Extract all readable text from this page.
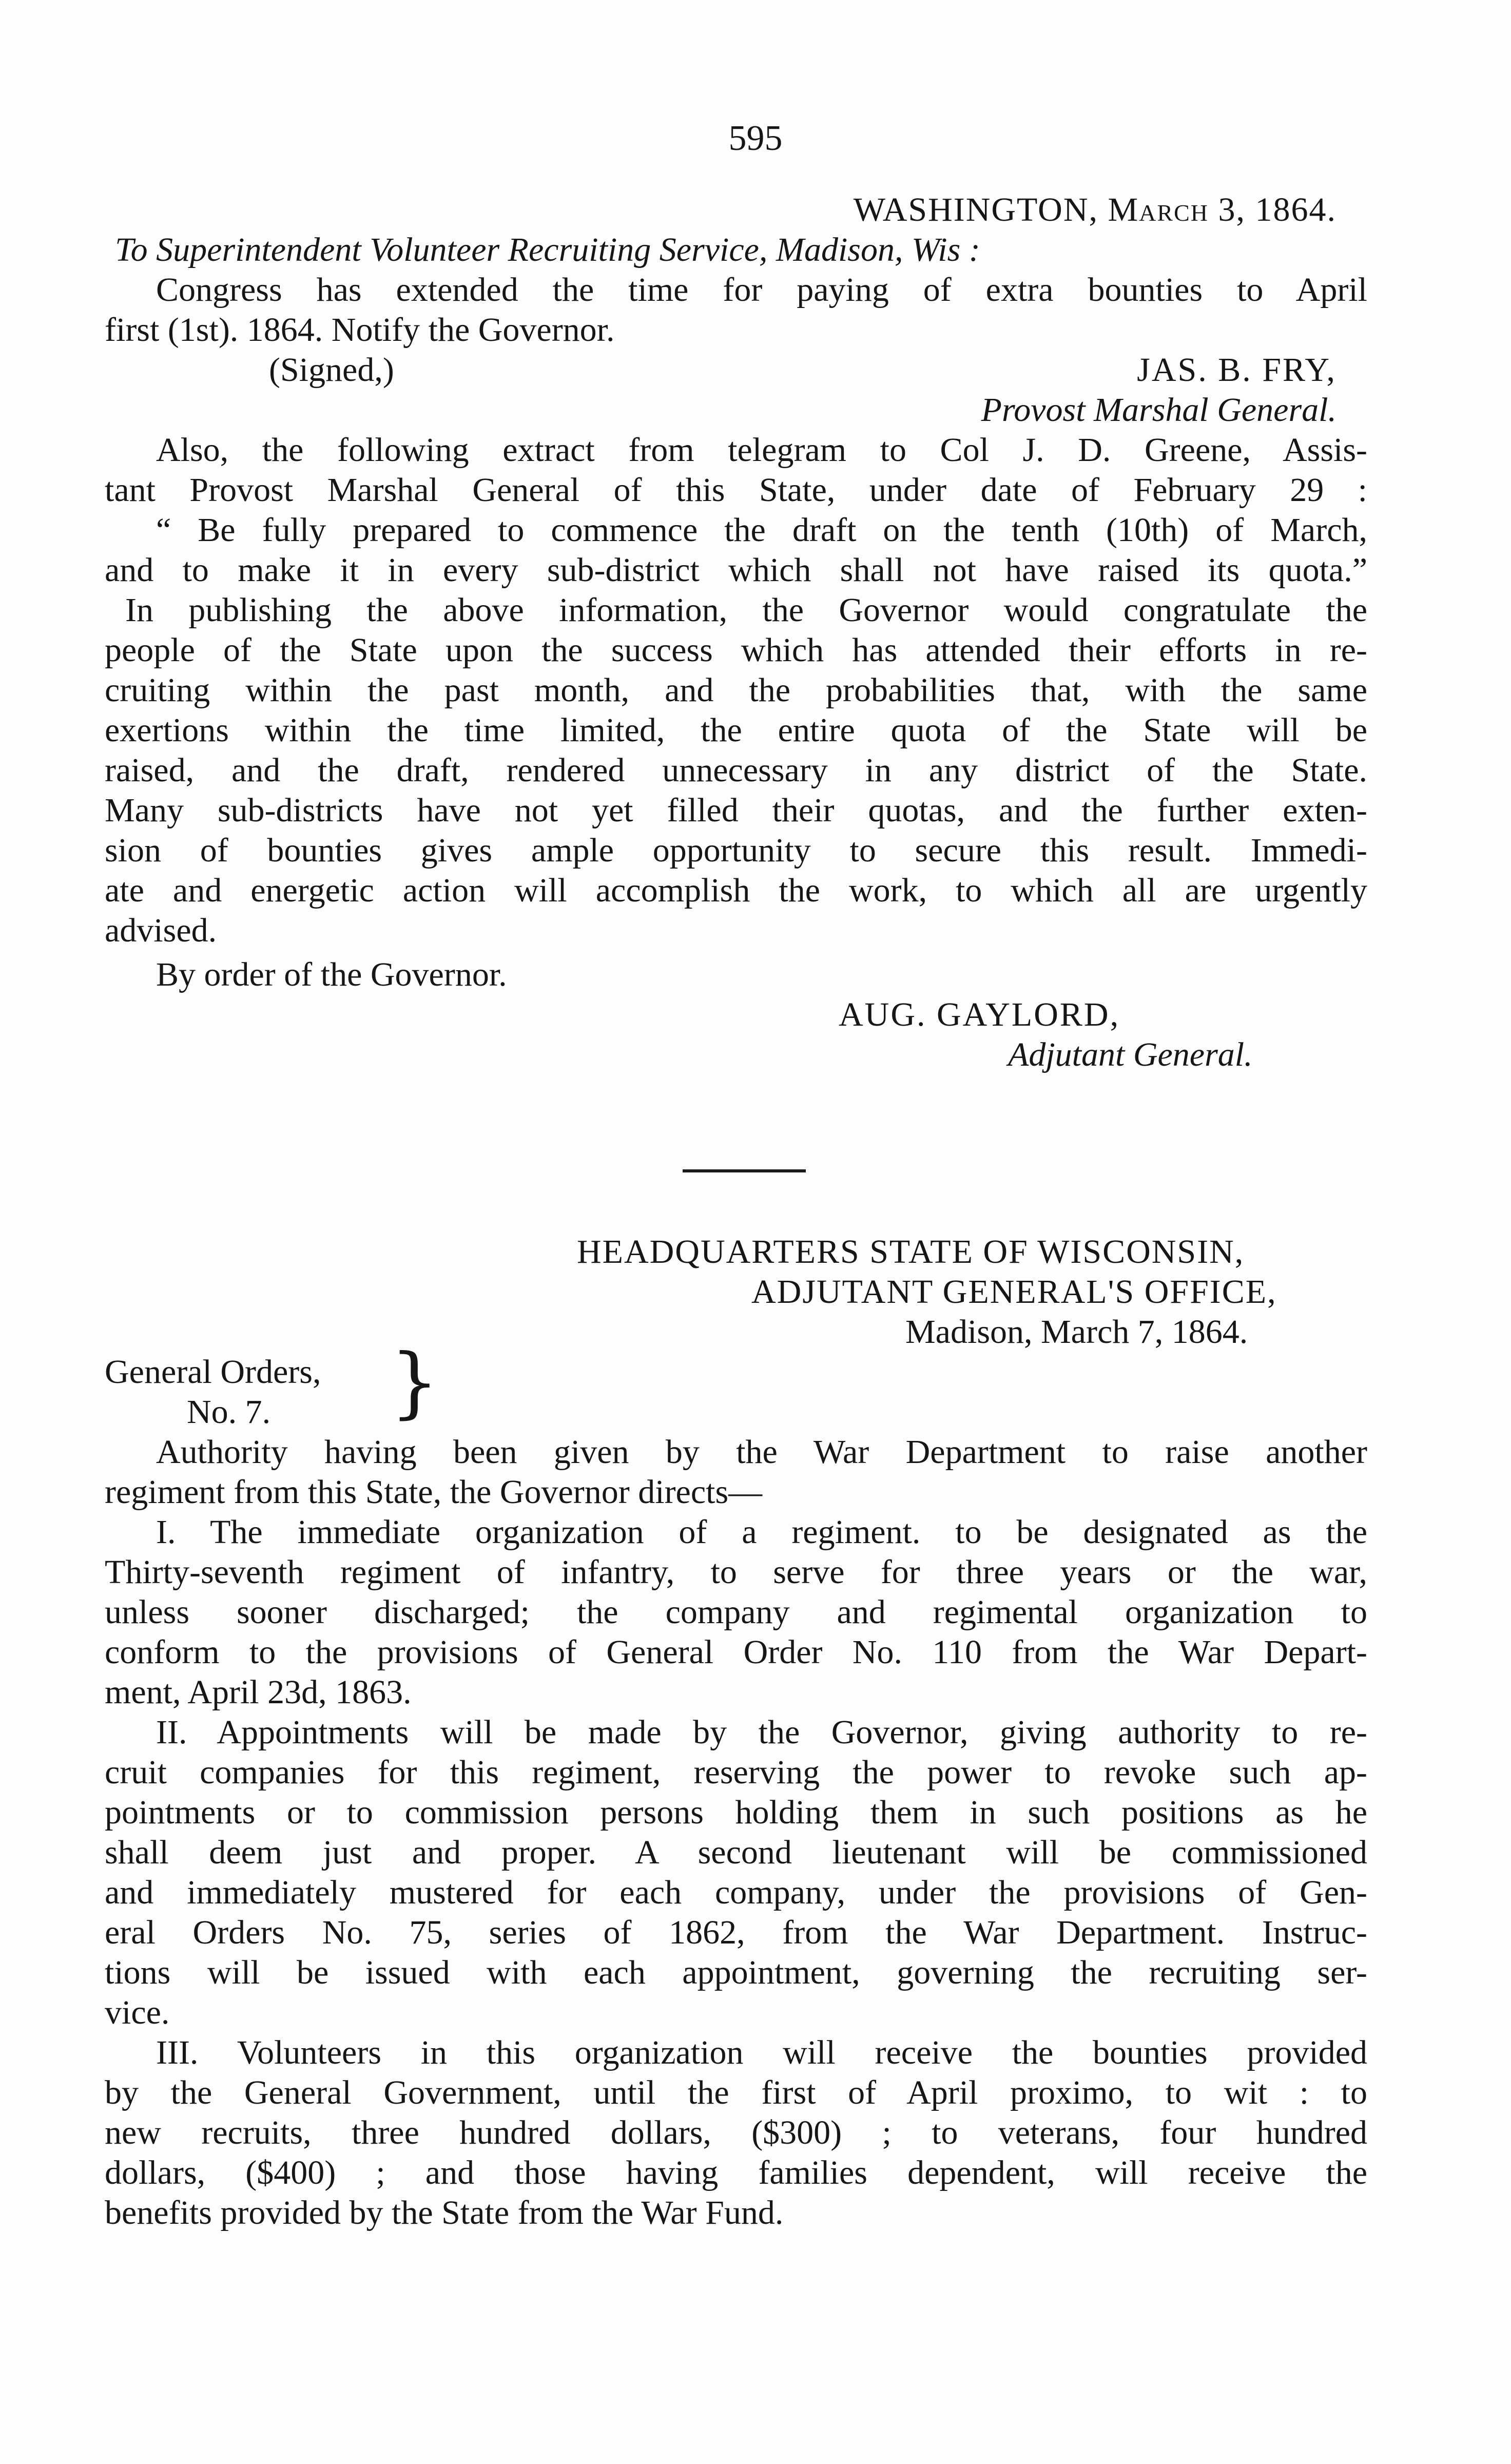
595
WASHINGTON, March 3, 1864.
To Superintendent Volunteer Recruiting Service, Madison, Wis :
Congress has extended the time for paying of extra bounties to April
first (1st). 1864. Notify the Governor.
(Signed,)	JAS. B. FRY,

Provost Marshal General.
Also, the following extract from telegram to Col J. D. Greene, Assis-
tant Provost Marshal General of this State, under date of February 29 :
“ Be fully prepared to commence the draft on the tenth (10th) of March,
and to make it in every sub-district which shall not have raised its quota.”
In publishing the above information, the Governor would congratulate the
people of the State upon the success which has attended their efforts in re-
cruiting within the past month, and the probabilities that, with the same
exertions within the time limited, the entire quota of the State will be
raised, and the draft, rendered unnecessary in any district of the State.
Many sub-districts have not yet filled their quotas, and the further exten-
sion of bounties gives ample opportunity to secure this result. Immedi-
ate and energetic action will accomplish the work, to which all are urgently
advised.
By order of the Governor.
AUG. GAYLORD,
Adjutant General.
HEADQUARTERS STATE OF WISCONSIN,
ADJUTANT GENERAL'S OFFICE,
Madison, March 7, 1864.
General Orders,
No. 7.	}
Authority having been given by the War Department to raise another
regiment from this State, the Governor directs—
I. The immediate organization of a regiment. to be designated as the
Thirty-seventh regiment of infantry, to serve for three years or the war,
unless sooner discharged; the company and regimental organization to
conform to the provisions of General Order No. 110 from the War Depart-
ment, April 23d, 1863.
II. Appointments will be made by the Governor, giving authority to re-
cruit companies for this regiment, reserving the power to revoke such ap-
pointments or to commission persons holding them in such positions as he
shall deem just and proper. A second lieutenant will be commissioned
and immediately mustered for each company, under the provisions of Gen-
eral Orders No. 75, series of 1862, from the War Department. Instruc-
tions will be issued with each appointment, governing the recruiting ser-
vice.
III. Volunteers in this organization will receive the bounties provided
by the General Government, until the first of April proximo, to wit : to
new recruits, three hundred dollars, ($300) ; to veterans, four hundred
dollars, ($400) ; and those having families dependent, will receive the
benefits provided by the State from the War Fund.
